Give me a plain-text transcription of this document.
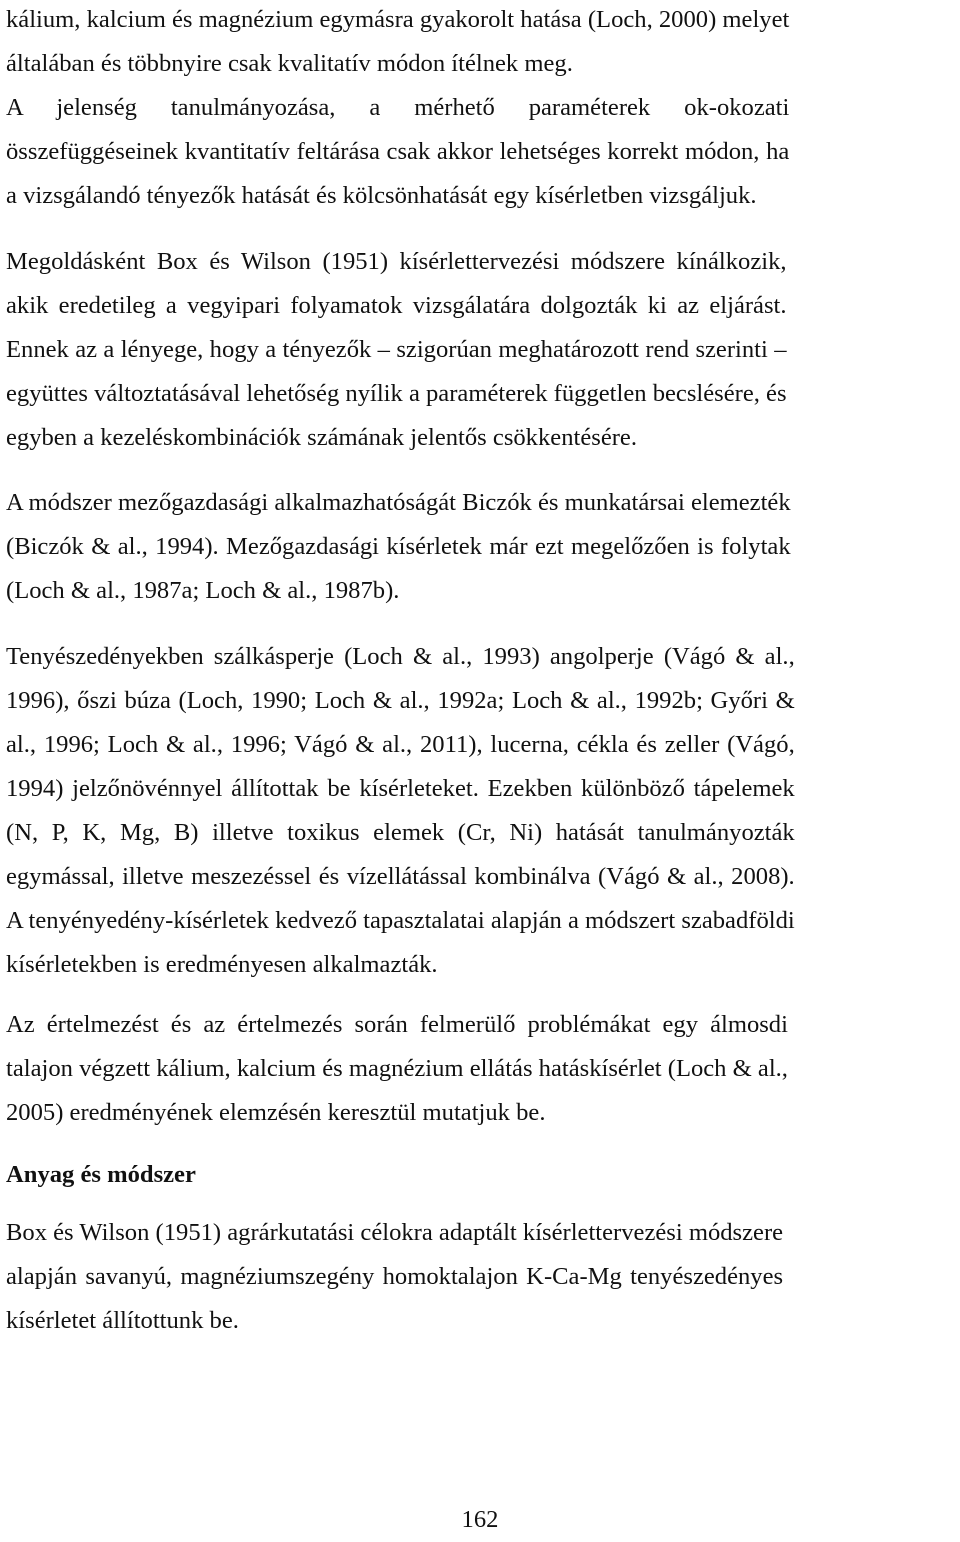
kálium, kalcium és magnézium egymásra gyakorolt hatása (Loch, 2000) melyet
általában és többnyire csak kvalitatív módon ítélnek meg.
A jelenség tanulmányozása, a mérhető paraméterek ok-okozati
összefüggéseinek kvantitatív feltárása csak akkor lehetséges korrekt módon, ha
a vizsgálandó tényezők hatását és kölcsönhatását egy kísérletben vizsgáljuk.

Megoldásként Box és Wilson (1951) kísérlettervezési módszere kínálkozik,
akik eredetileg a vegyipari folyamatok vizsgálatára dolgozták ki az eljárást.
Ennek az a lényege, hogy a tényezők – szigorúan meghatározott rend szerinti –
együttes változtatásával lehetőség nyílik a paraméterek független becslésére, és
egyben a kezeléskombinációk számának jelentős csökkentésére.

A módszer mezőgazdasági alkalmazhatóságát Biczók és munkatársai elemezték
(Biczók & al., 1994). Mezőgazdasági kísérletek már ezt megelőzően is folytak
(Loch & al., 1987a; Loch & al., 1987b).

Tenyészedényekben szálkásperje (Loch & al., 1993) angolperje (Vágó & al.,
1996), őszi búza (Loch, 1990; Loch & al., 1992a; Loch & al., 1992b; Győri &
al., 1996; Loch & al., 1996; Vágó & al., 2011), lucerna, cékla és zeller (Vágó,
1994) jelzőnövénnyel állítottak be kísérleteket. Ezekben különböző tápelemek
(N, P, K, Mg, B) illetve toxikus elemek (Cr, Ni) hatását tanulmányozták
egymással, illetve meszezéssel és vízellátással kombinálva (Vágó & al., 2008).
A tenyényedény-kísérletek kedvező tapasztalatai alapján a módszert szabadföldi
kísérletekben is eredményesen alkalmazták.

Az értelmezést és az értelmezés során felmerülő problémákat egy álmosdi
talajon végzett kálium, kalcium és magnézium ellátás hatáskísérlet (Loch & al.,
2005) eredményének elemzésén keresztül mutatjuk be.

Anyag és módszer

Box és Wilson (1951) agrárkutatási célokra adaptált kísérlettervezési módszere
alapján savanyú, magnéziumszegény homoktalajon K-Ca-Mg tenyészedényes
kísérletet állítottunk be.

162
